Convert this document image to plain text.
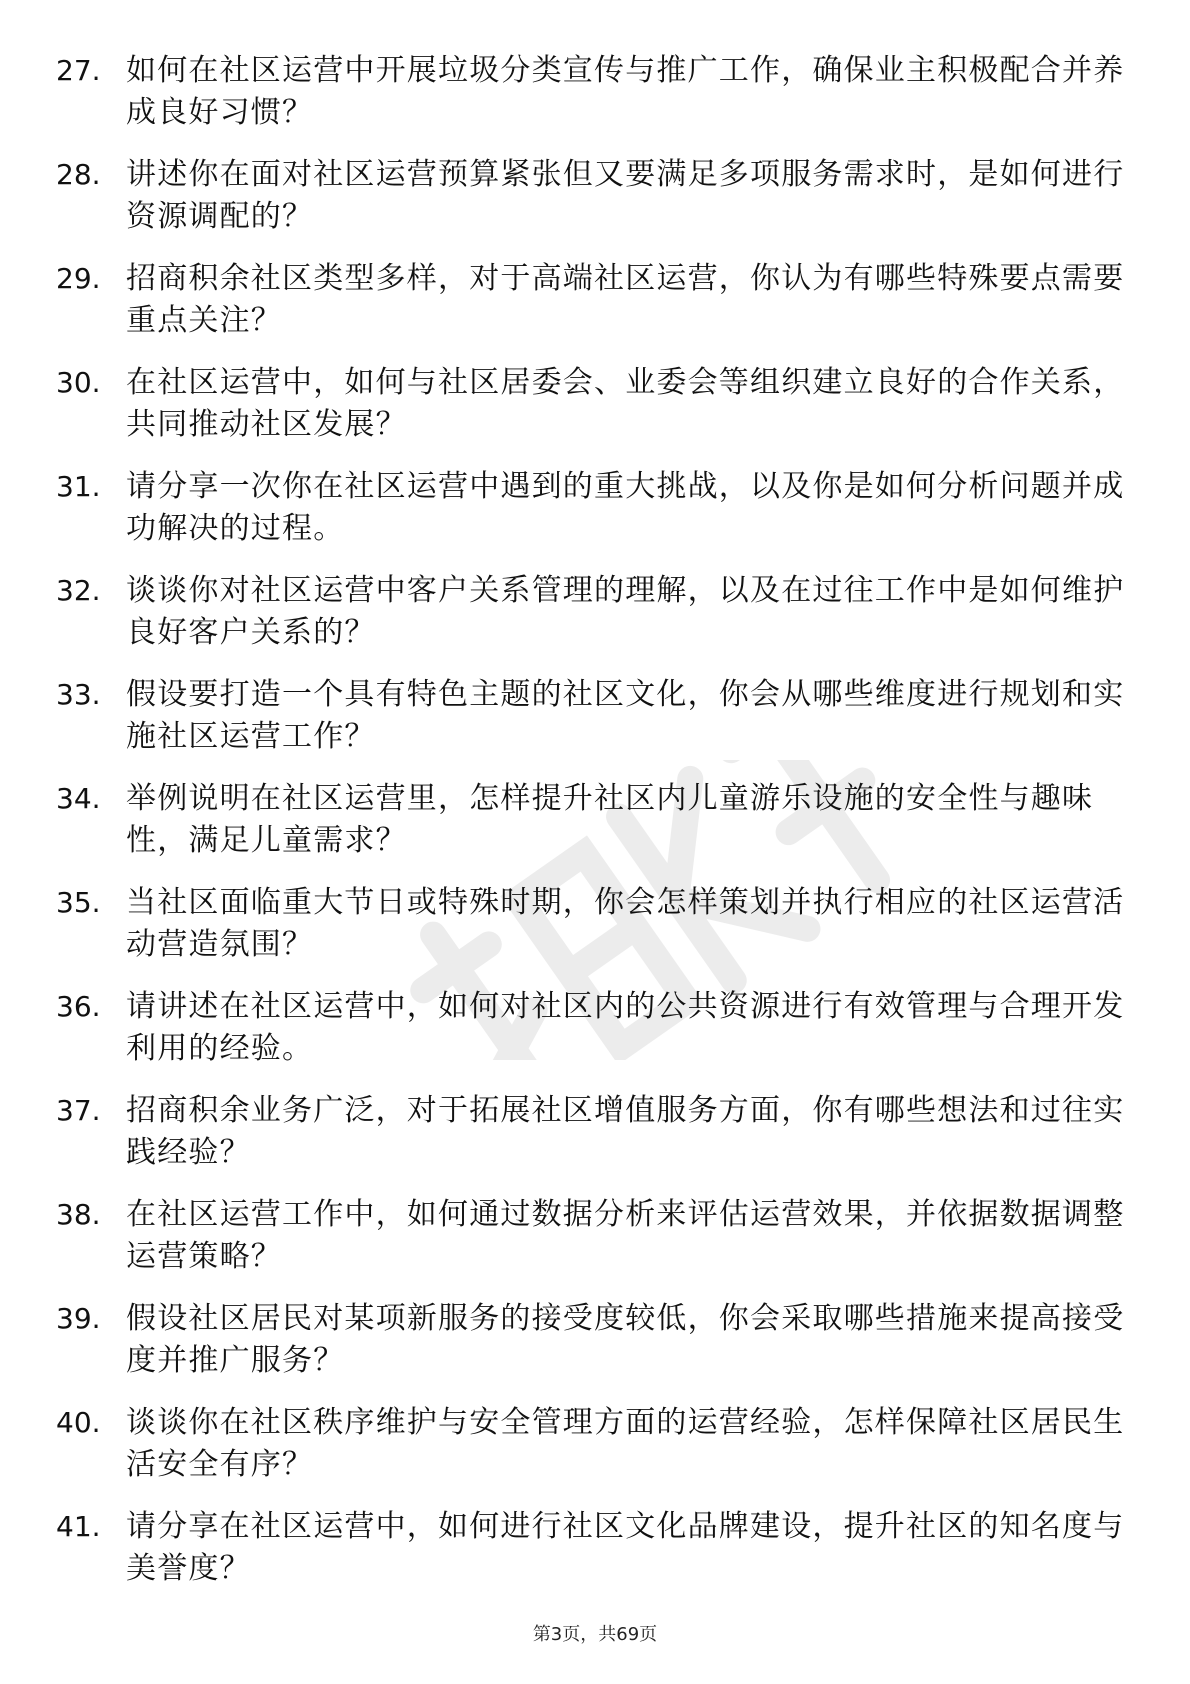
27. 如何在社区运营中开展垃圾分类宣传与推广工作，确保业主积极配合并养成良好习惯？
28. 讲述你在面对社区运营预算紧张但又要满足多项服务需求时，是如何进行资源调配的？
29. 招商积余社区类型多样，对于高端社区运营，你认为有哪些特殊要点需要重点关注？
30. 在社区运营中，如何与社区居委会、业委会等组织建立良好的合作关系，共同推动社区发展？
31. 请分享一次你在社区运营中遇到的重大挑战，以及你是如何分析问题并成功解决的过程。
32. 谈谈你对社区运营中客户关系管理的理解，以及在过往工作中是如何维护良好客户关系的？
33. 假设要打造一个具有特色主题的社区文化，你会从哪些维度进行规划和实施社区运营工作？
34. 举例说明在社区运营里，怎样提升社区内儿童游乐设施的安全性与趣味性，满足儿童需求？
35. 当社区面临重大节日或特殊时期，你会怎样策划并执行相应的社区运营活动营造氛围？
36. 请讲述在社区运营中，如何对社区内的公共资源进行有效管理与合理开发利用的经验。
37. 招商积余业务广泛，对于拓展社区增值服务方面，你有哪些想法和过往实践经验？
38. 在社区运营工作中，如何通过数据分析来评估运营效果，并依据数据调整运营策略？
39. 假设社区居民对某项新服务的接受度较低，你会采取哪些措施来提高接受度并推广服务？
40. 谈谈你在社区秩序维护与安全管理方面的运营经验，怎样保障社区居民生活安全有序？
41. 请分享在社区运营中，如何进行社区文化品牌建设，提升社区的知名度与美誉度？
第3页，共69页
